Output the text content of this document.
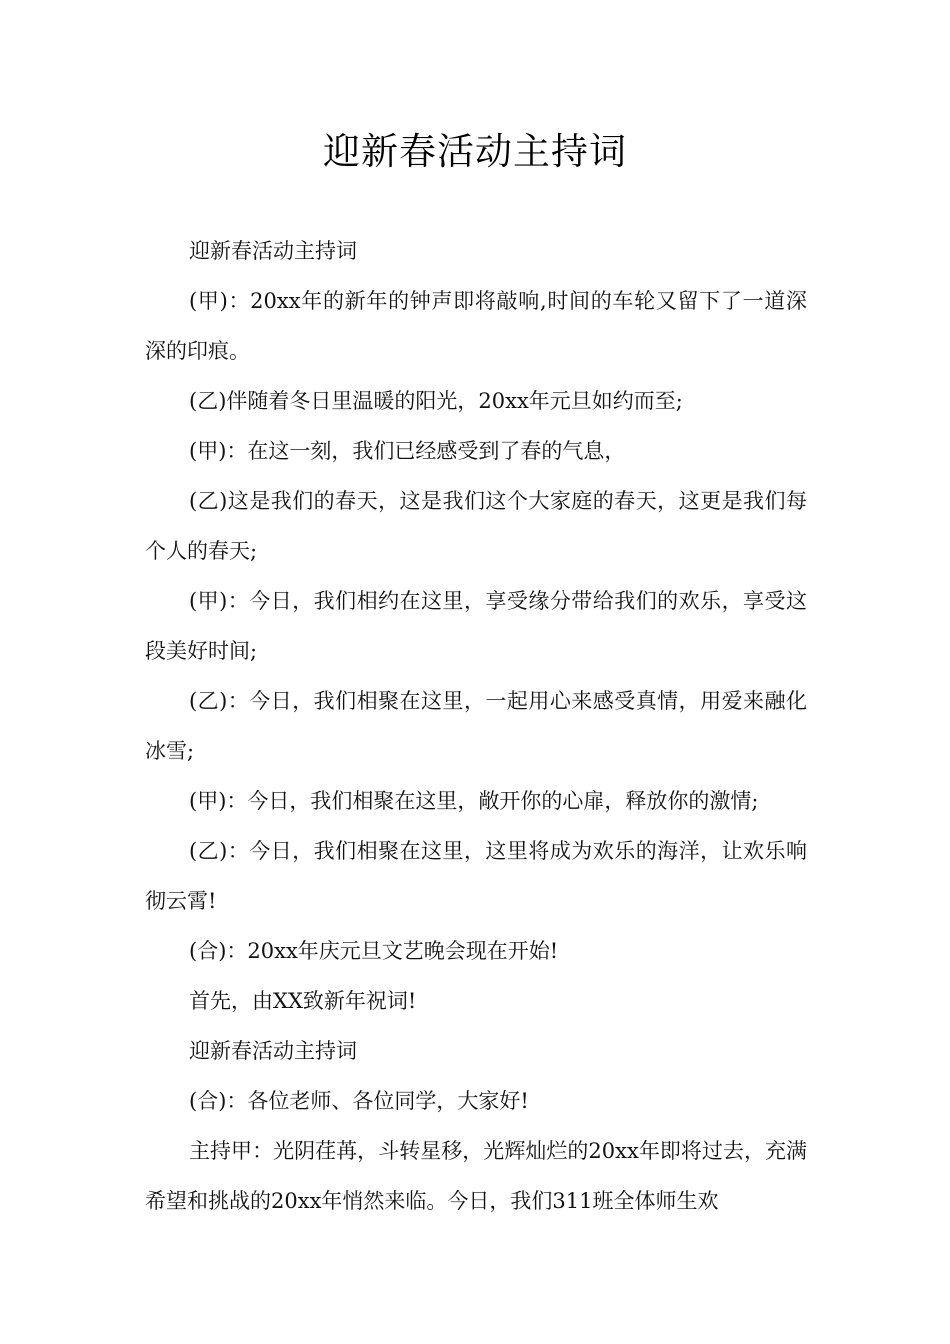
迎新春活动主持词

迎新春活动主持词

(甲)：20xx年的新年的钟声即将敲响,时间的车轮又留下了一道深深的印痕。

(乙)伴随着冬日里温暖的阳光，20xx年元旦如约而至;

(甲)：在这一刻，我们已经感受到了春的气息，

(乙)这是我们的春天，这是我们这个大家庭的春天，这更是我们每个人的春天;

(甲)：今日，我们相约在这里，享受缘分带给我们的欢乐，享受这段美好时间;

(乙)：今日，我们相聚在这里，一起用心来感受真情，用爱来融化冰雪;

(甲)：今日，我们相聚在这里，敞开你的心扉，释放你的激情;

(乙)：今日，我们相聚在这里，这里将成为欢乐的海洋，让欢乐响彻云霄!

(合)：20xx年庆元旦文艺晚会现在开始!

首先，由XX致新年祝词!

迎新春活动主持词

(合)：各位老师、各位同学，大家好!

主持甲：光阴荏苒，斗转星移，光辉灿烂的20xx年即将过去，充满希望和挑战的20xx年悄然来临。今日，我们311班全体师生欢
